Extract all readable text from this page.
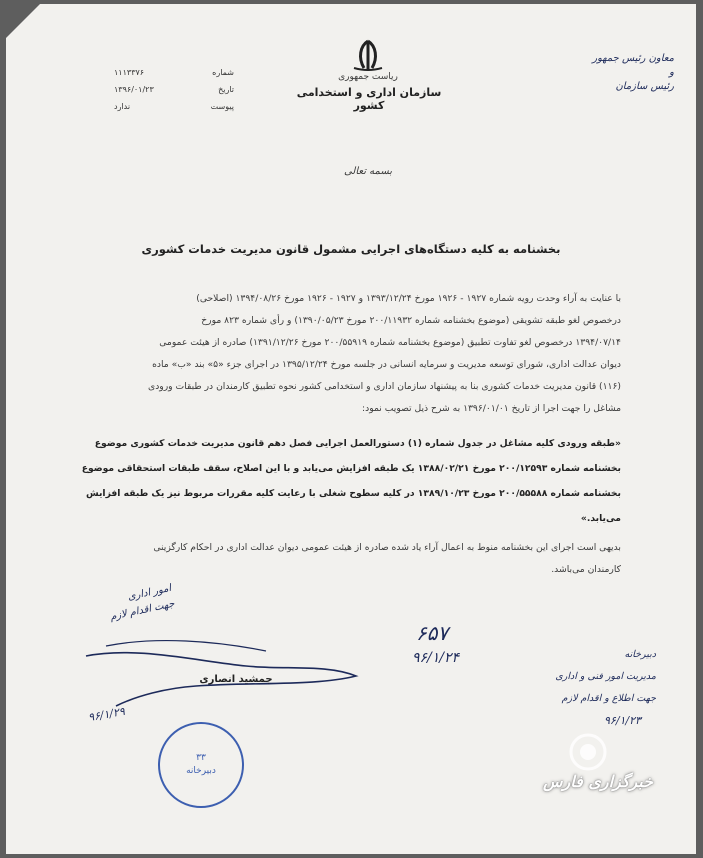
معاون رئیس جمهور
و
رئیس سازمان
ریاست جمهوری
سازمان اداری و استخدامی کشور
۱۱۱۳۳۷۶	شماره
۱۳۹۶/۰۱/۲۳	تاریخ
ندارد	پیوست
بسمه تعالی
بخشنامه به کلیه دستگاه‌های اجرایی مشمول قانون مدیریت خدمات کشوری
با عنایت به آراء وحدت رویه شماره ۱۹۲۷ - ۱۹۲۶ مورخ ۱۳۹۳/۱۲/۲۴ و ۱۹۲۷ - ۱۹۲۶ مورخ ۱۳۹۴/۰۸/۲۶ (اصلاحی)
درخصوص لغو طبقه تشویقی (موضوع بخشنامه شماره ۲۰۰/۱۱۹۳۲ مورخ ۱۳۹۰/۰۵/۲۳) و رأی شماره ۸۲۳ مورخ
۱۳۹۴/۰۷/۱۴ درخصوص لغو تفاوت تطبیق (موضوع بخشنامه شماره ۲۰۰/۵۵۹۱۹ مورخ ۱۳۹۱/۱۲/۲۶) صادره از هیئت عمومی
دیوان عدالت اداری، شورای توسعه مدیریت و سرمایه انسانی در جلسه مورخ ۱۳۹۵/۱۲/۲۴ در اجرای جزء «۵» بند «ب» ماده
(۱۱۶) قانون مدیریت خدمات کشوری بنا به پیشنهاد سازمان اداری و استخدامی کشور نحوه تطبیق کارمندان در طبقات ورودی
مشاغل را جهت اجرا از تاریخ ۱۳۹۶/۰۱/۰۱ به شرح ذیل تصویب نمود:
«طبقه ورودی کلیه مشاغل در جدول شماره (۱) دستورالعمل اجرایی فصل دهم قانون مدیریت خدمات کشوری موضوع
بخشنامه شماره ۲۰۰/۱۲۵۹۳ مورخ ۱۳۸۸/۰۲/۲۱ یک طبقه افزایش می‌یابد و با این اصلاح، سقف طبقات استحقاقی موضوع
بخشنامه شماره ۲۰۰/۵۵۵۸۸ مورخ ۱۳۸۹/۱۰/۲۳ در کلیه سطوح شغلی با رعایت کلیه مقررات مربوط نیز یک طبقه افزایش
می‌یابد.»
بدیهی است اجرای این بخشنامه منوط به اعمال آراء یاد شده صادره از هیئت عمومی دیوان عدالت اداری در احکام کارگزینی
کارمندان می‌باشد.
امور اداری
جهت اقدام لازم
جمشید انصاری
۹۶/۱/۲۹
۶۵۷
۹۶/۱/۲۴	دبیرخانه
مدیریت امور فنی و اداری
جهت اطلاع و اقدام لازم
۹۶/۱/۲۳
۳۳
دبیرخانه
خبرگزاری فارس
